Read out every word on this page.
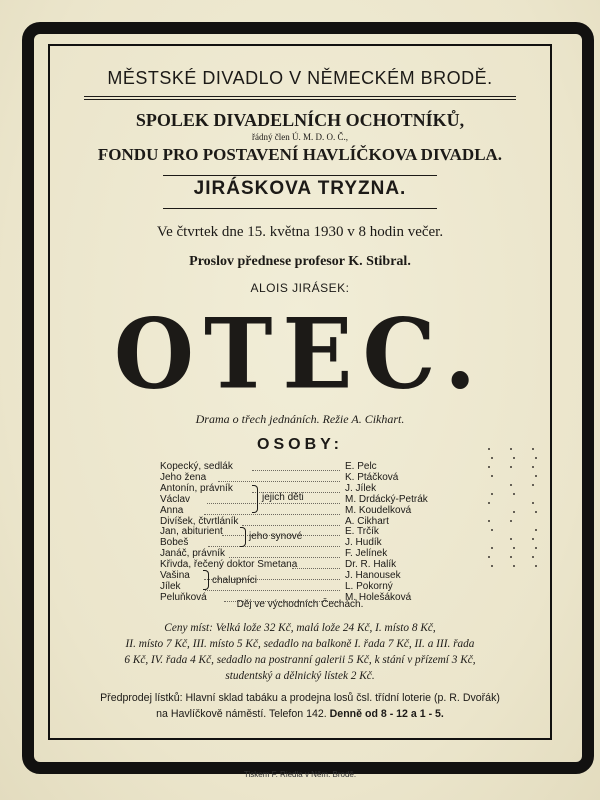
MĚSTSKÉ DIVADLO V NĚMECKÉM BRODĚ.
SPOLEK DIVADELNÍCH OCHOTNÍKŮ,
řádný člen Ú. M. D. O. Č.,
FONDU PRO POSTAVENÍ HAVLÍČKOVA DIVADLA.
JIRÁSKOVA TRYZNA.
Ve čtvrtek dne 15. května 1930 v 8 hodin večer.
Proslov přednese profesor K. Stibral.
ALOIS JIRÁSEK:
OTEC.
Drama o třech jednáních. Režie A. Cikhart.
OSOBY:
Kopecký, sedlák	E. Pelc
Jeho žena	K. Ptáčková
Antonín, právník	J. Jílek
Václav	M. Drdácký-Petrák
Anna	M. Koudelková
Divíšek, čtvrtláník	A. Cikhart
Jan, abiturient	E. Trčík
Bobeš	J. Hudík
Janáč, právník	F. Jelínek
Křivda, řečený doktor Smetana	Dr. R. Halík
Vašina	J. Hanousek
Jílek	L. Pokorný
Peluňková	M. Holešáková
jejich děti
jeho synové
chalupníci
Děj ve východních Čechách.
Ceny míst: Velká lože 32 Kč, malá lože 24 Kč, I. místo 8 Kč,
II. místo 7 Kč, III. místo 5 Kč, sedadlo na balkoně I. řada 7 Kč, II. a III. řada
6 Kč, IV. řada 4 Kč, sedadlo na postranní galerii 5 Kč, k stání v přízemí 3 Kč,
studentský a dělnický lístek 2 Kč.
Předprodej lístků: Hlavní sklad tabáku a prodejna losů čsl. třídní loterie (p. R. Dvořák)
na Havlíčkově náměstí. Telefon 142. Denně od 8 - 12 a 1 - 5.
Tiskem F. Riedla v Něm. Brodě.
